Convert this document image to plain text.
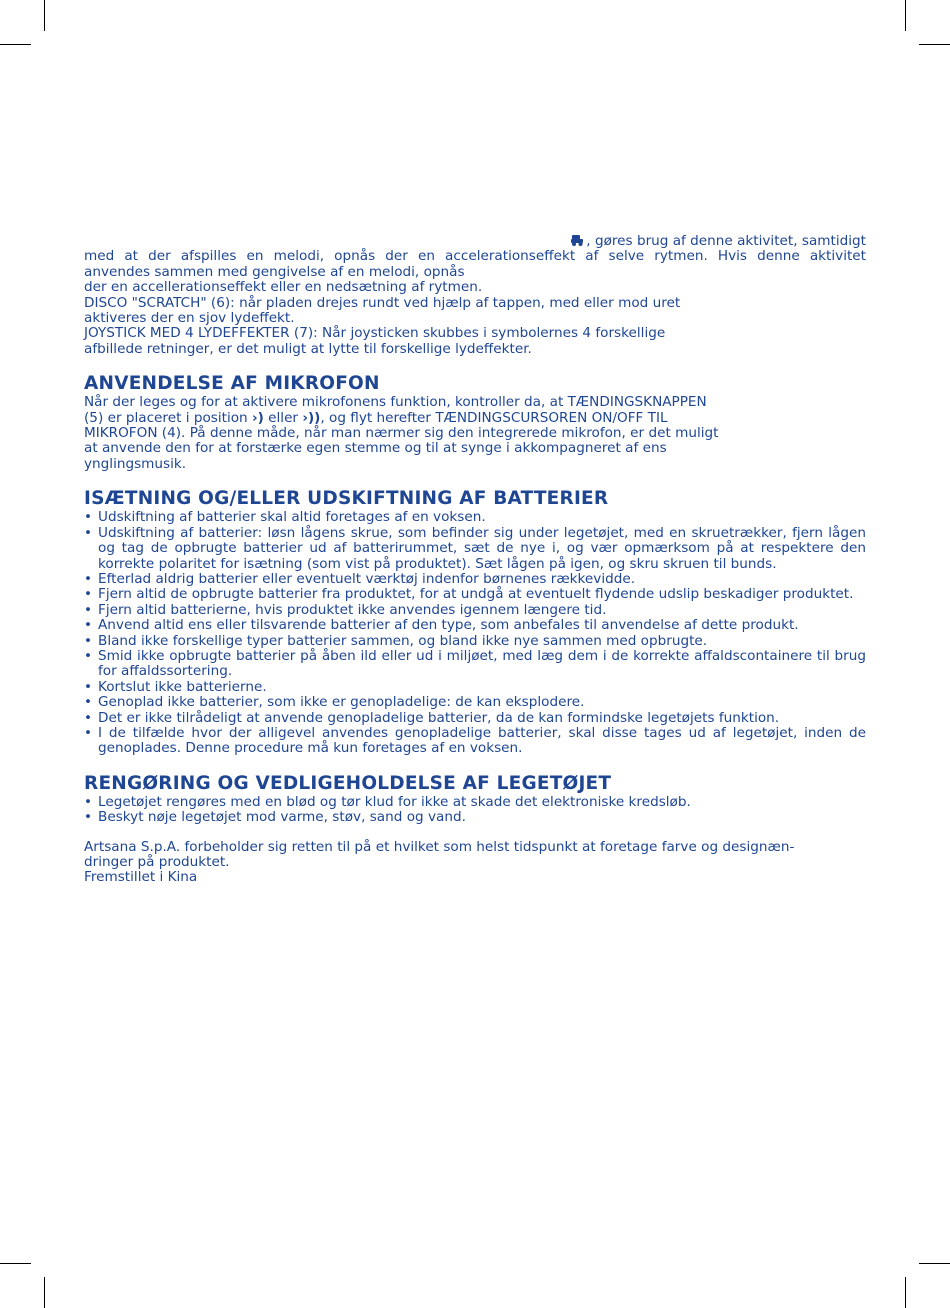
, gøres brug af denne aktivitet, samtidigt

med at der afspilles en melodi, opnås der en accelerationseffekt af selve rytmen. Hvis denne aktivitet

anvendes sammen med gengivelse af en melodi, opnås

der en accellerationseffekt eller en nedsætning af rytmen.

DISCO "SCRATCH" (6): når pladen drejes rundt ved hjælp af tappen, med eller mod uret

aktiveres der en sjov lydeffekt.

JOYSTICK MED 4 LYDEFFEKTER (7): Når joysticken skubbes i symbolernes 4 forskellige

afbillede retninger, er det muligt at lytte til forskellige lydeffekter.

ANVENDELSE AF MIKROFON

Når der leges og for at aktivere mikrofonens funktion, kontroller da, at TÆNDINGSKNAPPEN

(5) er placeret i position ›) eller ›)), og flyt herefter TÆNDINGSCURSOREN ON/OFF TIL

MIKROFON (4). På denne måde, når man nærmer sig den integrerede mikrofon, er det muligt

at anvende den for at forstærke egen stemme og til at synge i akkompagneret af ens

ynglingsmusik.

ISÆTNING OG/ELLER UDSKIFTNING AF BATTERIER
• Udskiftning af batterier skal altid foretages af en voksen.
• Udskiftning af batterier: løsn lågens skrue, som befinder sig under legetøjet, med en skruetrækker, fjern lågen og tag de opbrugte batterier ud af batterirummet, sæt de nye i, og vær opmærksom på at respektere den korrekte polaritet for isætning (som vist på produktet). Sæt lågen på igen, og skru skruen til bunds.
• Efterlad aldrig batterier eller eventuelt værktøj indenfor børnenes rækkevidde.
• Fjern altid de opbrugte batterier fra produktet, for at undgå at eventuelt flydende udslip beskadiger produktet.
• Fjern altid batterierne, hvis produktet ikke anvendes igennem længere tid.
• Anvend altid ens eller tilsvarende batterier af den type, som anbefales til anvendelse af dette produkt.
• Bland ikke forskellige typer batterier sammen, og bland ikke nye sammen med opbrugte.
• Smid ikke opbrugte batterier på åben ild eller ud i miljøet, med læg dem i de korrekte affaldscontainere til brug for affaldssortering.
• Kortslut ikke batterierne.
• Genoplad ikke batterier, som ikke er genopladelige: de kan eksplodere.
• Det er ikke tilrådeligt at anvende genopladelige batterier, da de kan formindske legetøjets funktion.
• I de tilfælde hvor der alligevel anvendes genopladelige batterier, skal disse tages ud af legetøjet, inden de genoplades. Denne procedure må kun foretages af en voksen.
RENGØRING OG VEDLIGEHOLDELSE AF LEGETØJET
• Legetøjet rengøres med en blød og tør klud for ikke at skade det elektroniske kredsløb.
• Beskyt nøje legetøjet mod varme, støv, sand og vand.

Artsana S.p.A. forbeholder sig retten til på et hvilket som helst tidspunkt at foretage farve og designæn-

dringer på produktet.

Fremstillet i Kina
